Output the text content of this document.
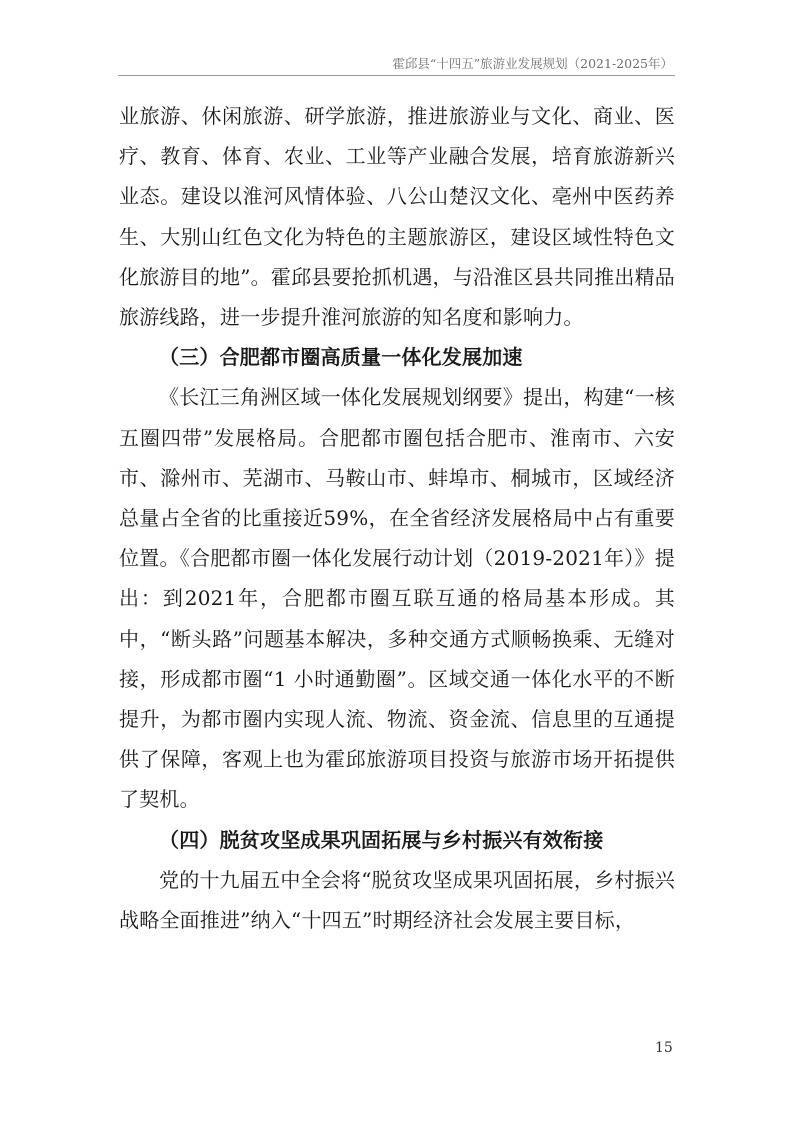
霍邱县“十四五”旅游业发展规划（2021-2025年）

业旅游、休闲旅游、研学旅游，推进旅游业与文化、商业、医疗、教育、体育、农业、工业等产业融合发展，培育旅游新兴业态。建设以淮河风情体验、八公山楚汉文化、亳州中医药养生、大别山红色文化为特色的主题旅游区，建设区域性特色文化旅游目的地”。霍邱县要抢抓机遇，与沿淮区县共同推出精品旅游线路，进一步提升淮河旅游的知名度和影响力。

（三）合肥都市圈高质量一体化发展加速

《长江三角洲区域一体化发展规划纲要》提出，构建“一核五圈四带”发展格局。合肥都市圈包括合肥市、淮南市、六安市、滁州市、芜湖市、马鞍山市、蚌埠市、桐城市，区域经济总量占全省的比重接近59%，在全省经济发展格局中占有重要位置。《合肥都市圈一体化发展行动计划（2019-2021年）》提出：到2021年，合肥都市圈互联互通的格局基本形成。其中，“断头路”问题基本解决，多种交通方式顺畅换乘、无缝对接，形成都市圈“1 小时通勤圈”。区域交通一体化水平的不断提升，为都市圈内实现人流、物流、资金流、信息里的互通提供了保障，客观上也为霍邱旅游项目投资与旅游市场开拓提供了契机。

（四）脱贫攻坚成果巩固拓展与乡村振兴有效衔接

党的十九届五中全会将“脱贫攻坚成果巩固拓展，乡村振兴战略全面推进”纳入“十四五”时期经济社会发展主要目标，

15
